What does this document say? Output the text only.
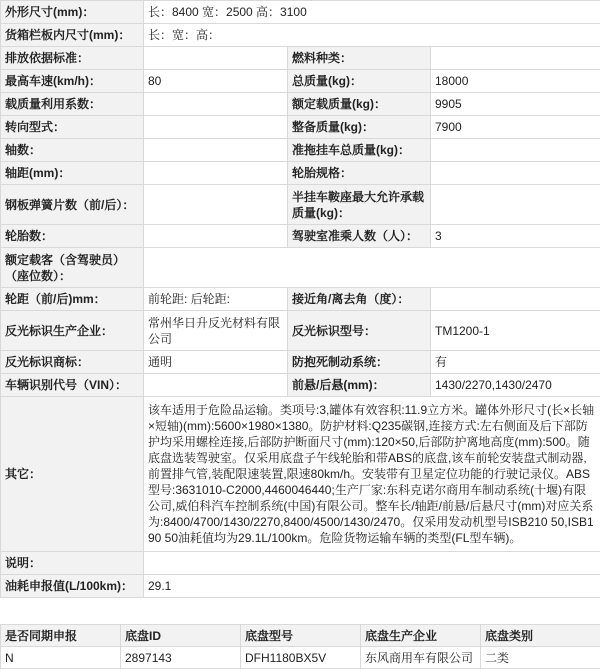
外形尺寸(mm)：	长：8400 宽：2500 高：3100		
货箱栏板内尺寸(mm)：	长：宽：高：		
排放依据标准：		燃料种类：	
最高车速(km/h)：	80	总质量(kg)：	18000
载质量利用系数：		额定载质量(kg)：	9905
转向型式：		整备质量(kg)：	7900
轴数：		准拖挂车总质量(kg)：	
轴距(mm)：		轮胎规格：	
钢板弹簧片数（前/后）：		半挂车鞍座最大允许承载质量(kg)：	
轮胎数：		驾驶室准乘人数（人）：	3
额定载客（含驾驶员）（座位数）：			
轮距（前/后)mm：	前轮距: 后轮距:	接近角/离去角（度）：	
反光标识生产企业：	常州华日升反光材料有限公司	反光标识型号：	TM1200-1
反光标识商标：	通明	防抱死制动系统：	有
车辆识别代号（VIN）：		前悬/后悬(mm)：	1430/2270,1430/2470
其它：	该车适用于危险品运输。类项号:3,罐体有效容积:11.9立方米。罐体外形尺寸(长×长轴×短轴)(mm):5600×1980×1380。防护材料:Q235碳钢,连接方式:左右侧面及后下部防护均采用螺栓连接,后部防护断面尺寸(mm):120×50,后部防护离地高度(mm):500。随底盘选装驾驶室。仅采用底盘子午线轮胎和带ABS的底盘,该车前轮安装盘式制动器,前置排气管,装配限速装置,限速80km/h。安装带有卫星定位功能的行驶记录仪。ABS型号:3631010-C2000,4460046440;生产厂家:东科克诺尔商用车制动系统(十堰)有限公司,威伯科汽车控制系统(中国)有限公司。整车长/轴距/前悬/后悬尺寸(mm)对应关系为:8400/4700/1430/2270,8400/4500/1430/2470。仅采用发动机型号ISB210 50,ISB190 50油耗值均为29.1L/100km。危险货物运输车辆的类型(FL型车辆)。		
说明：			
油耗申报值(L/100km)：	29.1		
是否同期申报	底盘ID	底盘型号	底盘生产企业	底盘类别
N	2897143	DFH1180BX5V	东风商用车有限公司	二类
